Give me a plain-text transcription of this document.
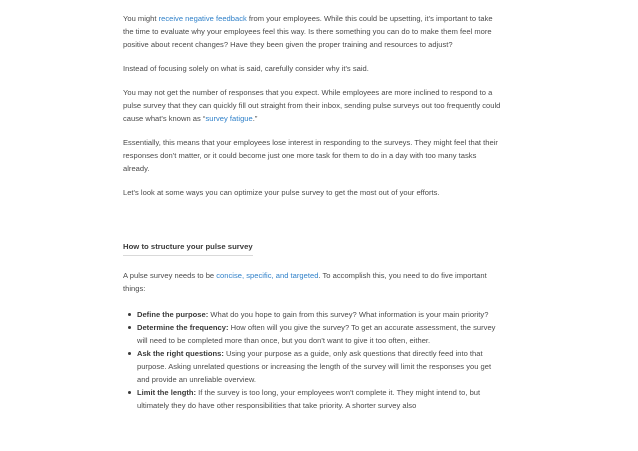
You might receive negative feedback from your employees. While this could be upsetting, it's important to take the time to evaluate why your employees feel this way. Is there something you can do to make them feel more positive about recent changes? Have they been given the proper training and resources to adjust?

Instead of focusing solely on what is said, carefully consider why it's said.

You may not get the number of responses that you expect. While employees are more inclined to respond to a pulse survey that they can quickly fill out straight from their inbox, sending pulse surveys out too frequently could cause what's known as “survey fatigue.”

Essentially, this means that your employees lose interest in responding to the surveys. They might feel that their responses don't matter, or it could become just one more task for them to do in a day with too many tasks already.

Let's look at some ways you can optimize your pulse survey to get the most out of your efforts.

How to structure your pulse survey

A pulse survey needs to be concise, specific, and targeted. To accomplish this, you need to do five important things:

Define the purpose: What do you hope to gain from this survey? What information is your main priority?
Determine the frequency: How often will you give the survey? To get an accurate assessment, the survey will need to be completed more than once, but you don't want to give it too often, either.
Ask the right questions: Using your purpose as a guide, only ask questions that directly feed into that purpose. Asking unrelated questions or increasing the length of the survey will limit the responses you get and provide an unreliable overview.
Limit the length: If the survey is too long, your employees won't complete it. They might intend to, but ultimately they do have other responsibilities that take priority. A shorter survey also
